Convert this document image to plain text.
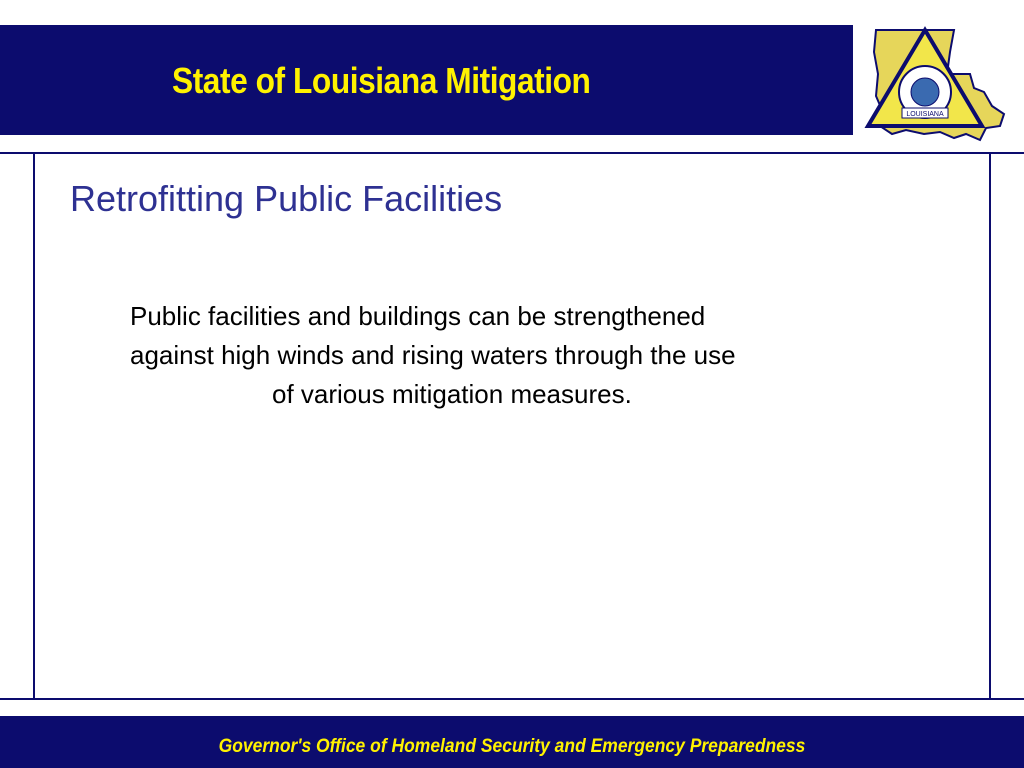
State of Louisiana Mitigation
LOUISIANA
Retrofitting Public Facilities
Public facilities and buildings can be strengthened
against high winds and rising waters through the use
of various mitigation measures.
Governor's Office of Homeland Security and Emergency Preparedness
